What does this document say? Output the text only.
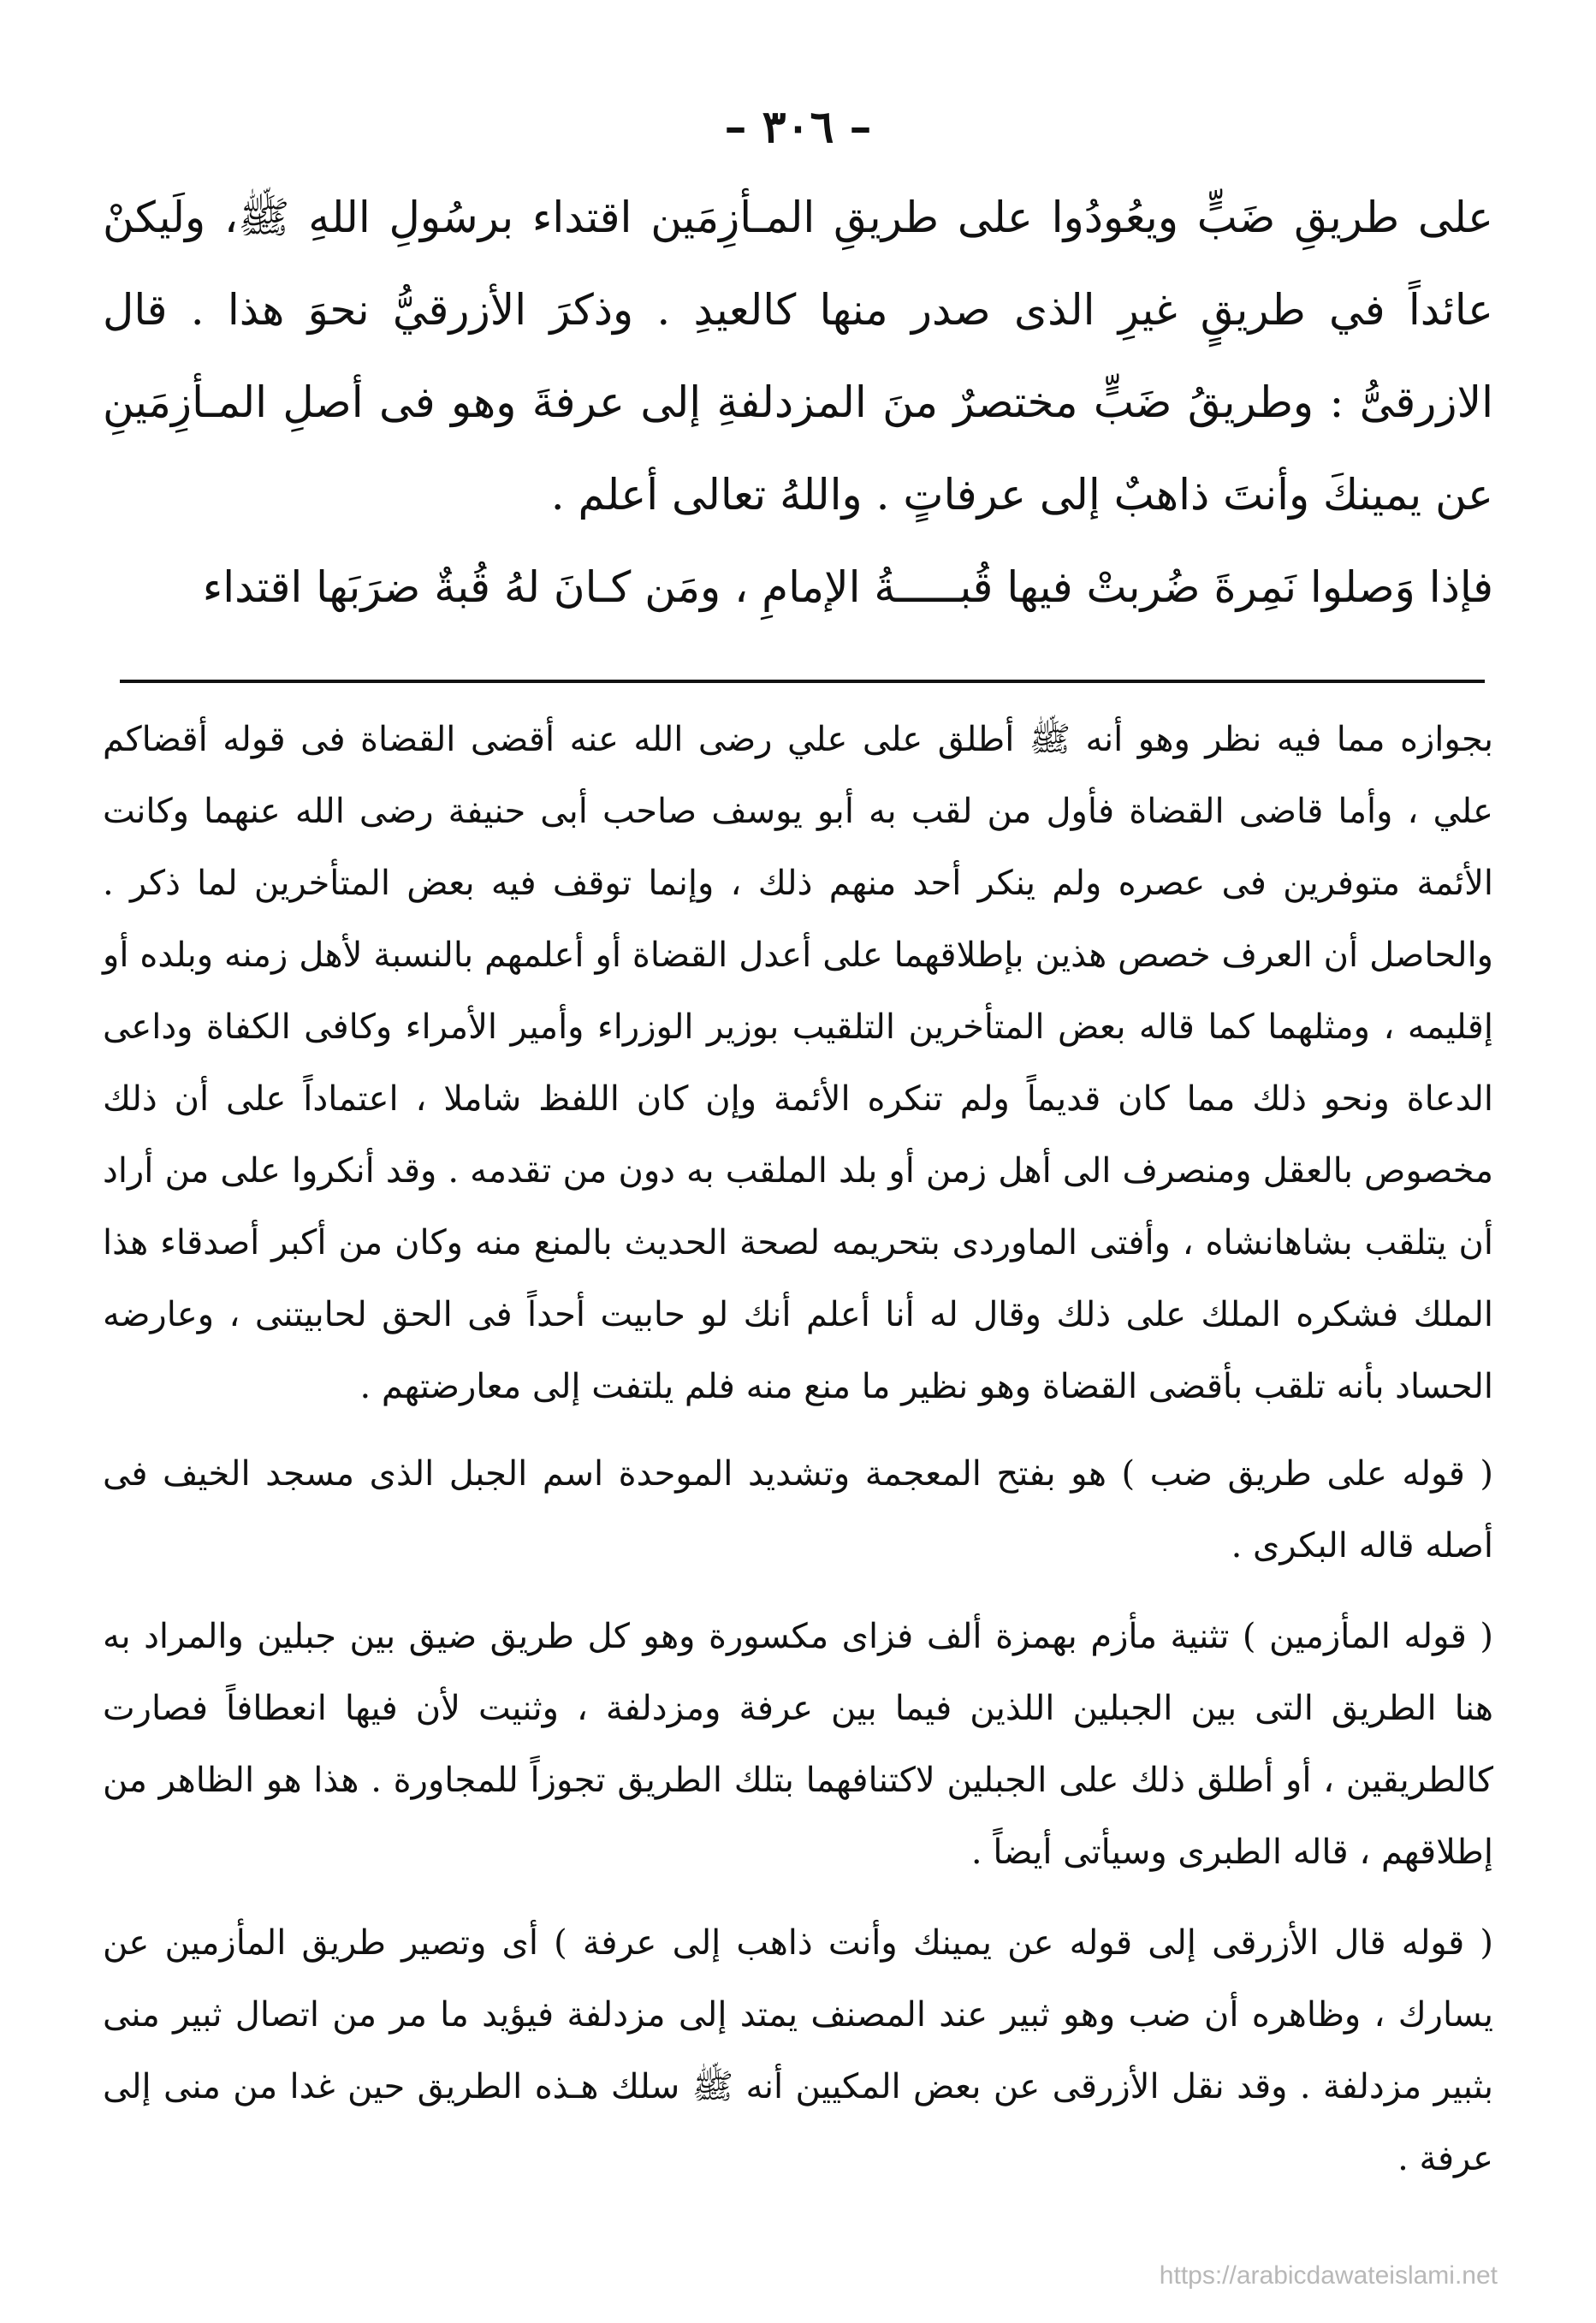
– ٣٠٦ –

على طريقِ ضَبٍّ ويعُودُوا على طريقِ المـأزِمَين اقتداء برسُولِ اللهِ ﷺ، ولَيكنْ عائداً في طريقٍ غيرِ الذى صدر منها كالعيدِ . وذكرَ الأزرقيُّ نحوَ هذا . قال الازرقىُّ : وطريقُ ضَبٍّ مختصرٌ منَ المزدلفةِ إلى عرفةَ وهو فى أصلِ المـأزِمَينِ عن يمينكَ وأنتَ ذاهبٌ إلى عرفاتٍ . واللهُ تعالى أعلم .

فإذا وَصلوا نَمِرةَ ضُربتْ فيها قُبـــــةُ الإمامِ ، ومَن كـانَ لهُ قُبةٌ ضرَبَها اقتداء

بجوازه مما فيه نظر وهو أنه ﷺ أطلق على علي رضى الله عنه أقضى القضاة فى قوله أقضاكم علي ، وأما قاضى القضاة فأول من لقب به أبو يوسف صاحب أبى حنيفة رضى الله عنهما وكانت الأئمة متوفرين فى عصره ولم ينكر أحد منهم ذلك ، وإنما توقف فيه بعض المتأخرين لما ذكر . والحاصل أن العرف خصص هذين بإطلاقهما على أعدل القضاة أو أعلمهم بالنسبة لأهل زمنه وبلده أو إقليمه ، ومثلهما كما قاله بعض المتأخرين التلقيب بوزير الوزراء وأمير الأمراء وكافى الكفاة وداعى الدعاة ونحو ذلك مما كان قديماً ولم تنكره الأئمة وإن كان اللفظ شاملا ، اعتماداً على أن ذلك مخصوص بالعقل ومنصرف الى أهل زمن أو بلد الملقب به دون من تقدمه . وقد أنكروا على من أراد أن يتلقب بشاهانشاه ، وأفتى الماوردى بتحريمه لصحة الحديث بالمنع منه وكان من أكبر أصدقاء هذا الملك فشكره الملك على ذلك وقال له أنا أعلم أنك لو حابيت أحداً فى الحق لحابيتنى ، وعارضه الحساد بأنه تلقب بأقضى القضاة وهو نظير ما منع منه فلم يلتفت إلى معارضتهم .

( قوله على طريق ضب ) هو بفتح المعجمة وتشديد الموحدة اسم الجبل الذى مسجد الخيف فى أصله قاله البكرى .

( قوله المأزمين ) تثنية مأزم بهمزة ألف فزاى مكسورة وهو كل طريق ضيق بين جبلين والمراد به هنا الطريق التى بين الجبلين اللذين فيما بين عرفة ومزدلفة ، وثنيت لأن فيها انعطافاً فصارت كالطريقين ، أو أطلق ذلك على الجبلين لاكتنافهما بتلك الطريق تجوزاً للمجاورة . هذا هو الظاهر من إطلاقهم ، قاله الطبرى وسيأتى أيضاً .

( قوله قال الأزرقى إلى قوله عن يمينك وأنت ذاهب إلى عرفة ) أى وتصير طريق المأزمين عن يسارك ، وظاهره أن ضب وهو ثبير عند المصنف يمتد إلى مزدلفة فيؤيد ما مر من اتصال ثبير منى بثبير مزدلفة . وقد نقل الأزرقى عن بعض المكيين أنه ﷺ سلك هـذه الطريق حين غدا من منى إلى عرفة .

https://arabicdawateislami.net
